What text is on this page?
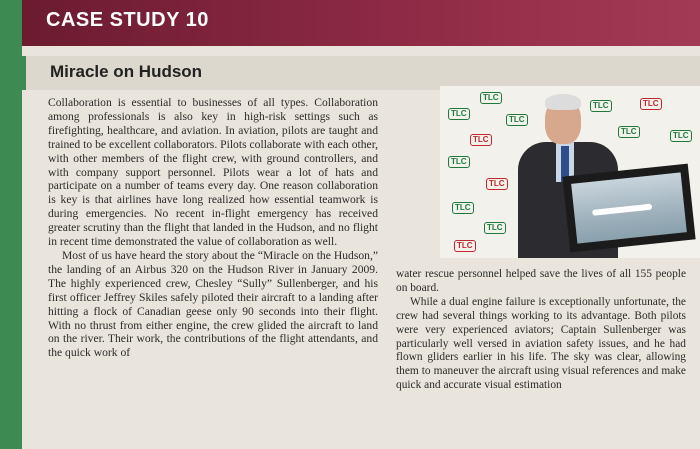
CASE STUDY 10
Miracle on Hudson

Collaboration is essential to businesses of all types. Collaboration among professionals is also key in high-risk settings such as firefighting, healthcare, and aviation. In aviation, pilots are taught and trained to be excellent collaborators. Pilots collaborate with each other, with other members of the flight crew, with ground controllers, and with company support personnel. Pilots wear a lot of hats and participate on a number of teams every day. One reason collaboration is key is that airlines have long realized how essential teamwork is during emergencies. No recent in-flight emergency has received greater scrutiny than the flight that landed in the Hudson, and no flight in recent time demonstrated the value of collaboration as well.

Most of us have heard the story about the “Miracle on the Hudson,” the landing of an Airbus 320 on the Hudson River in January 2009. The highly experienced crew, Chesley “Sully” Sullenberger, and his first officer Jeffrey Skiles safely piloted their aircraft to a landing after hitting a flock of Canadian geese only 90 seconds into their flight. With no thrust from either engine, the crew glided the aircraft to land on the river. Their work, the contributions of the flight attendants, and the quick work of

TLC
TLC
TLC
TLC
TLC
TLC
TLC
TLC
TLC
TLC	TLC
TLC	TLC

water rescue personnel helped save the lives of all 155 people on board.

While a dual engine failure is exceptionally unfortunate, the crew had several things working to its advantage. Both pilots were very experienced aviators; Captain Sullenberger was particularly well versed in aviation safety issues, and he had flown gliders earlier in his life. The sky was clear, allowing them to maneuver the aircraft using visual references and make quick and accurate visual estimation
